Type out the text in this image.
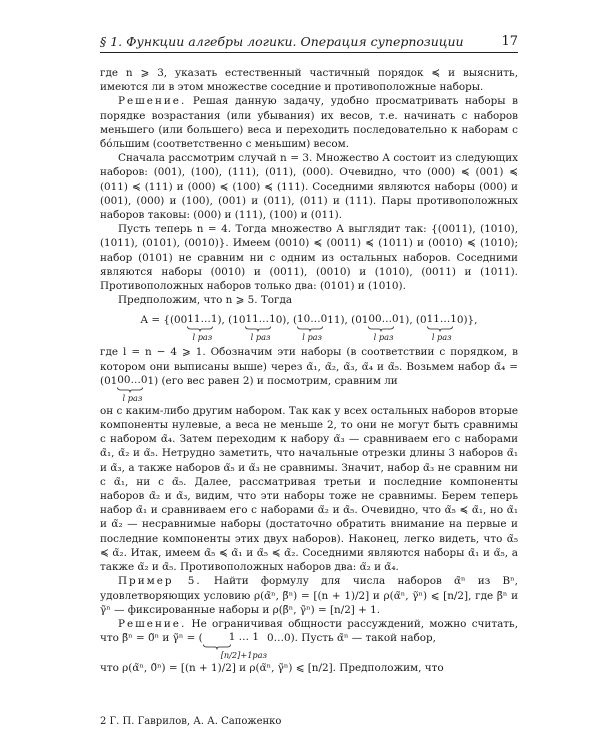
§ 1. Функции алгебры логики. Операция суперпозиции	17

где n ⩾ 3, указать естественный частичный порядок ≼ и выяснить, имеются ли в этом множестве соседние и противоположные наборы.

Решение. Решая данную задачу, удобно просматривать наборы в порядке возрастания (или убывания) их весов, т.е. начинать с наборов меньшего (или большего) веса и переходить последовательно к наборам с бо́льшим (соответственно с меньшим) весом.

Сначала рассмотрим случай n = 3. Множество A состоит из следующих наборов: (001), (100), (111), (011), (000). Очевидно, что (000) ≼ (001) ≼ (011) ≼ (111) и (000) ≼ (100) ≼ (111). Соседними являются наборы (000) и (001), (000) и (100), (001) и (011), (011) и (111). Пары противоположных наборов таковы: (000) и (111), (100) и (011).

Пусть теперь n = 4. Тогда множество A выглядит так: {(0011), (1010), (1011), (0101), (0010)}. Имеем (0010) ≼ (0011) ≼ (1011) и (0010) ≼ (1010); набор (0101) не сравним ни с одним из остальных наборов. Соседними являются наборы (0010) и (0011), (0010) и (1010), (0011) и (1011). Противоположных наборов только два: (0101) и (1010).

Предположим, что n ⩾ 5. Тогда

A = {(0011…1
l раз
), (1011…1
l раз
0), (10…0
l раз
11), (0100…0
l раз
1), (011…1
l раз
0)},

где l = n − 4 ⩾ 1. Обозначим эти наборы (в соответствии с порядком, в котором они выписаны выше) через α̃₁, α̃₂, α̃₃, α̃₄ и α̃₅. Возьмем набор α̃₄ = (0100…0
l раз
1) (его вес равен 2) и посмотрим, сравним ли

он с каким-либо другим набором. Так как у всех остальных наборов вторые компоненты нулевые, а веса не меньше 2, то они не могут быть сравнимы с набором α̃₄. Затем переходим к набору α̃₃ — сравниваем его с наборами α̃₁, α̃₂ и α̃₅. Нетрудно заметить, что начальные отрезки длины 3 наборов α̃₁ и α̃₃, а также наборов α̃₅ и α̃₃ не сравнимы. Значит, набор α̃₃ не сравним ни с α̃₁, ни с α̃₅. Далее, рассматривая третьи и последние компоненты наборов α̃₂ и α̃₃, видим, что эти наборы тоже не сравнимы. Берем теперь набор α̃₁ и сравниваем его с наборами α̃₂ и α̃₅. Очевидно, что α̃₅ ≼ α̃₁, но α̃₁ и α̃₂ — несравнимые наборы (достаточно обратить внимание на первые и последние компоненты этих двух наборов). Наконец, легко видеть, что α̃₅ ≼ α̃₂. Итак, имеем α̃₅ ≼ α̃₁ и α̃₅ ≼ α̃₂. Соседними являются наборы α̃₁ и α̃₅, а также α̃₂ и α̃₅. Противоположных наборов два: α̃₂ и α̃₄.

Пример 5. Найти формулу для числа наборов α̃ⁿ из Bⁿ, удовлетворяющих условию ρ(α̃ⁿ, β̃ⁿ) = [(n + 1)/2] и ρ(α̃ⁿ, γ̃ⁿ) ⩽ [n/2], где β̃ⁿ и γ̃ⁿ — фиксированные наборы и ρ(β̃ⁿ, γ̃ⁿ) = [n/2] + 1.

Решение. Не ограничивая общности рассуждений, можно считать, что β̃ⁿ = 0̃ⁿ и γ̃ⁿ = (	1 … 1
[n/2]+1раз
0…0). Пусть α̃ⁿ — такой набор,

что ρ(α̃ⁿ, 0̃ⁿ) = [(n + 1)/2] и ρ(α̃ⁿ, γ̃ⁿ) ⩽ [n/2]. Предположим, что

2 Г. П. Гаврилов, А. А. Сапоженко
